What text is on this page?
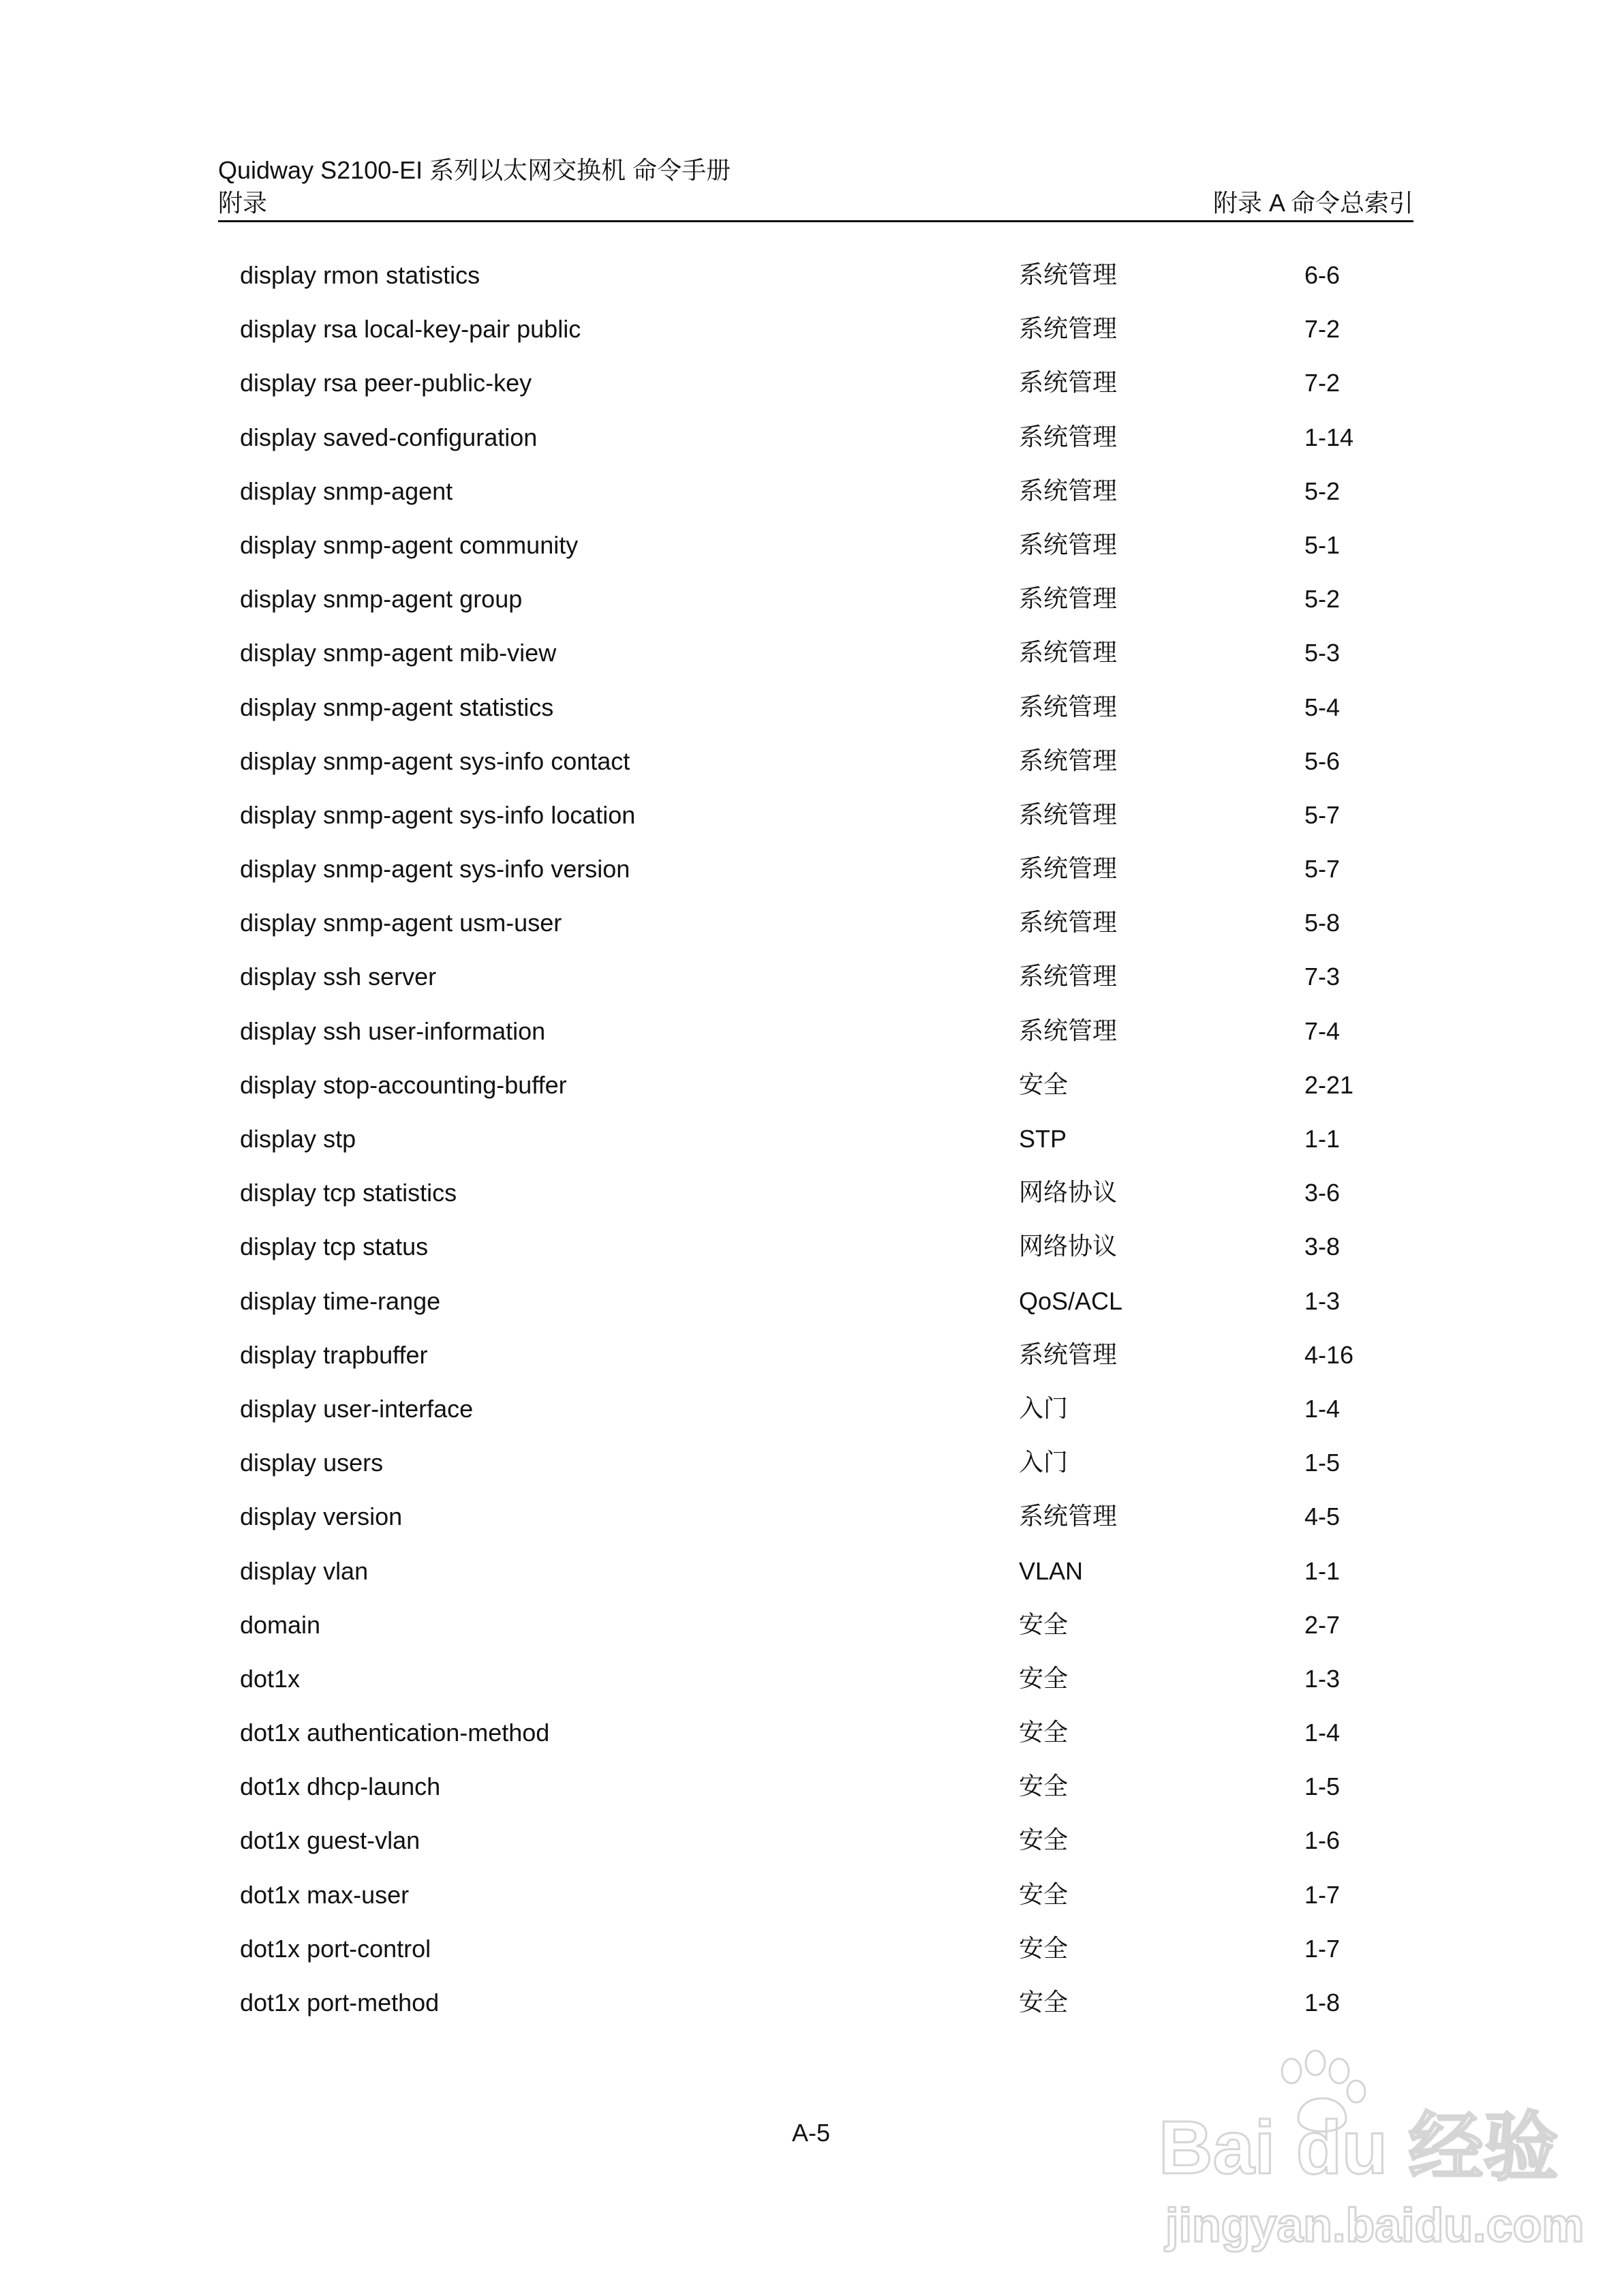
Quidway S2100-EI 系列以太网交换机 命令手册
附录	附录 A 命令总索引
display rmon statistics	系统管理	6-6
display rsa local-key-pair public	系统管理	7-2
display rsa peer-public-key	系统管理	7-2
display saved-configuration	系统管理	1-14
display snmp-agent	系统管理	5-2
display snmp-agent community	系统管理	5-1
display snmp-agent group	系统管理	5-2
display snmp-agent mib-view	系统管理	5-3
display snmp-agent statistics	系统管理	5-4
display snmp-agent sys-info contact	系统管理	5-6
display snmp-agent sys-info location	系统管理	5-7
display snmp-agent sys-info version	系统管理	5-7
display snmp-agent usm-user	系统管理	5-8
display ssh server	系统管理	7-3
display ssh user-information	系统管理	7-4
display stop-accounting-buffer	安全	2-21
display stp	STP	1-1
display tcp statistics	网络协议	3-6
display tcp status	网络协议	3-8
display time-range	QoS/ACL	1-3
display trapbuffer	系统管理	4-16
display user-interface	入门	1-4
display users	入门	1-5
display version	系统管理	4-5
display vlan	VLAN	1-1
domain	安全	2-7
dot1x	安全	1-3
dot1x authentication-method	安全	1-4
dot1x dhcp-launch	安全	1-5
dot1x guest-vlan	安全	1-6
dot1x max-user	安全	1-7
dot1x port-control	安全	1-7
dot1x port-method	安全	1-8
A-5	Bai du 经验
jingyan.baidu.com
